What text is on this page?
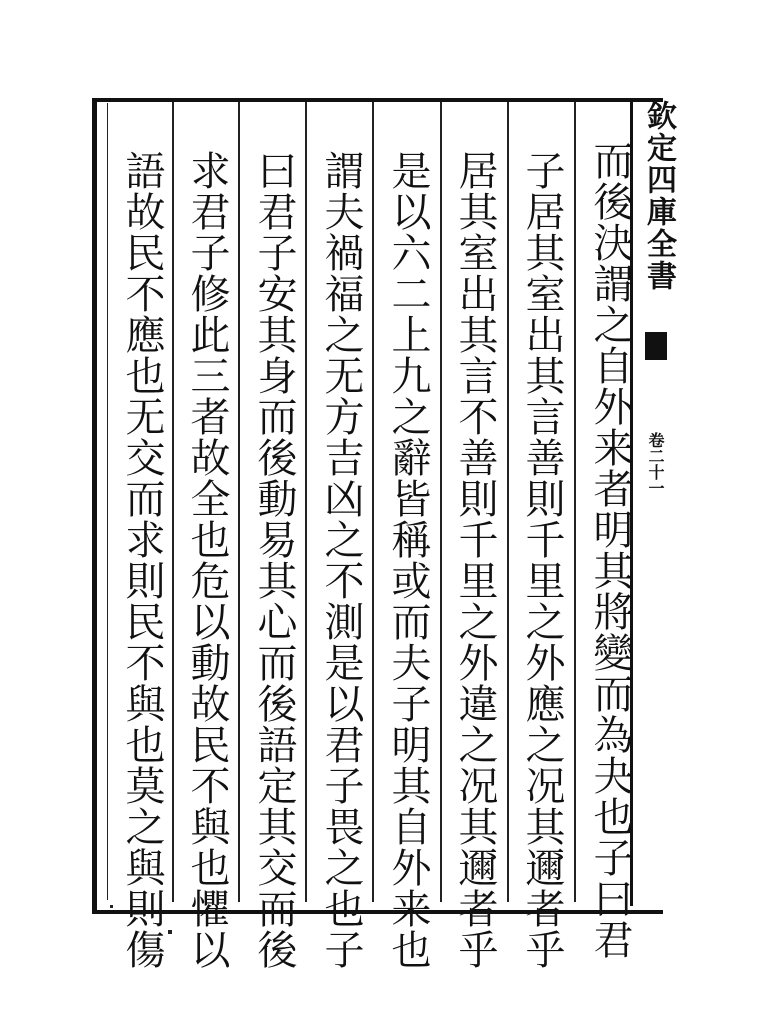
而後決謂之自外来者明其將變而為夬也子曰君
子居其室出其言善則千里之外應之况其邇者乎
居其室出其言不善則千里之外違之况其邇者乎
是以六二上九之辭皆稱或而夫子明其自外来也
謂夫禍福之无方吉凶之不測是以君子畏之也子
曰君子安其身而後動易其心而後語定其交而後
求君子修此三者故全也危以動故民不與也懼以
語故民不應也无交而求則民不與也莫之與則傷	欽定四庫全書
卷二十一
